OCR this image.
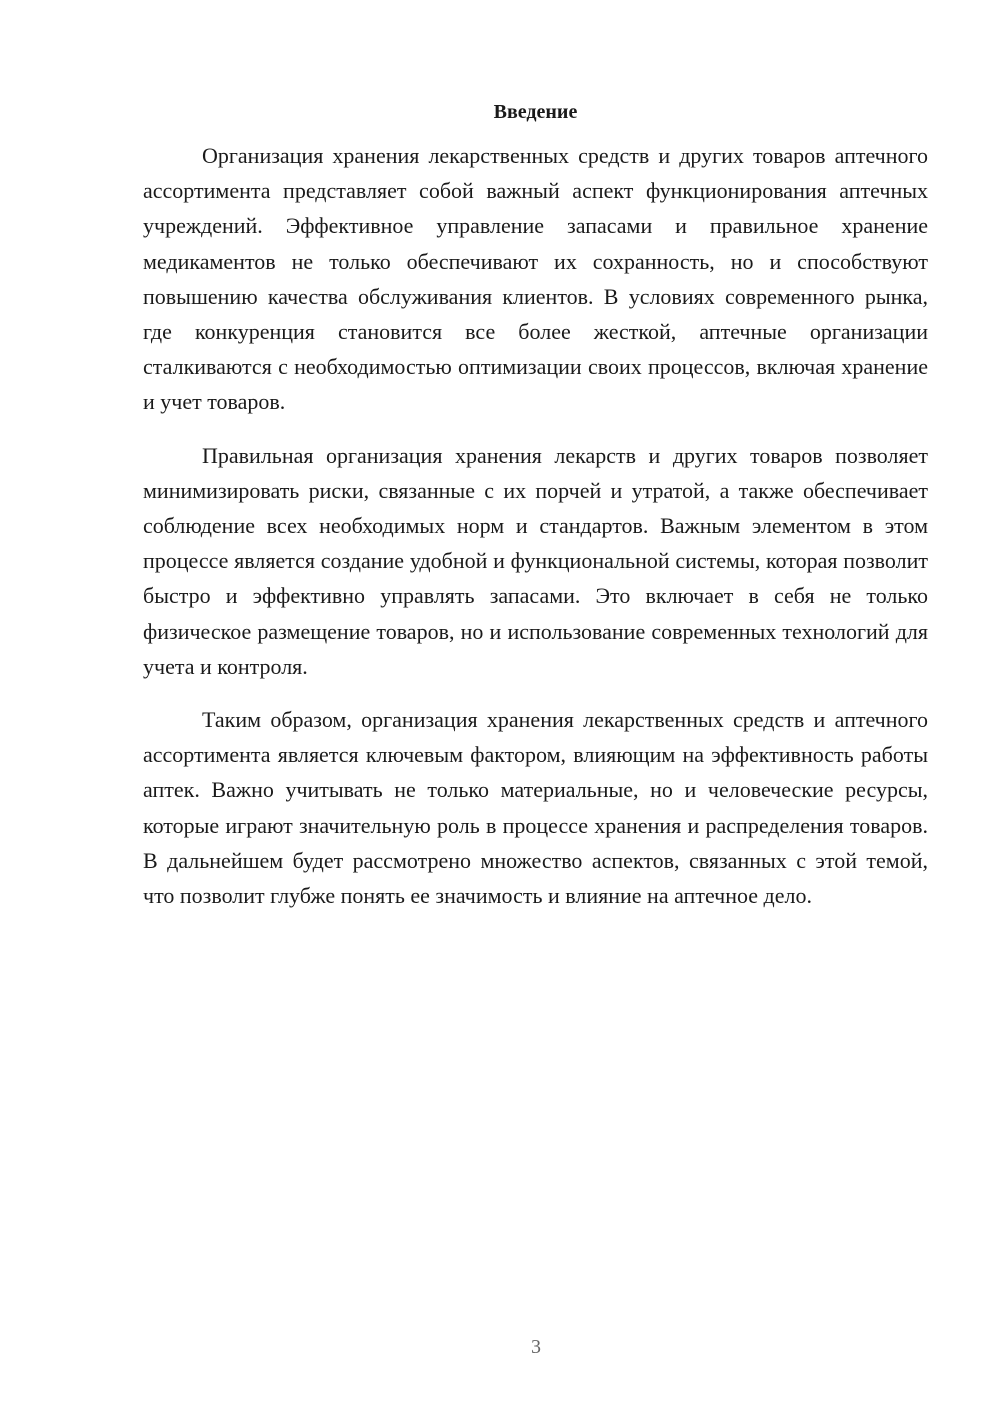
Введение

Организация хранения лекарственных средств и других товаров аптечного ассортимента представляет собой важный аспект функционирования аптечных учреждений. Эффективное управление запасами и правильное хранение медикаментов не только обеспечивают их сохранность, но и способствуют повышению качества обслуживания клиентов. В условиях современного рынка, где конкуренция становится все более жесткой, аптечные организации сталкиваются с необходимостью оптимизации своих процессов, включая хранение и учет товаров.

Правильная организация хранения лекарств и других товаров позволяет минимизировать риски, связанные с их порчей и утратой, а также обеспечивает соблюдение всех необходимых норм и стандартов. Важным элементом в этом процессе является создание удобной и функциональной системы, которая позволит быстро и эффективно управлять запасами. Это включает в себя не только физическое размещение товаров, но и использование современных технологий для учета и контроля.

Таким образом, организация хранения лекарственных средств и аптечного ассортимента является ключевым фактором, влияющим на эффективность работы аптек. Важно учитывать не только материальные, но и человеческие ресурсы, которые играют значительную роль в процессе хранения и распределения товаров. В дальнейшем будет рассмотрено множество аспектов, связанных с этой темой, что позволит глубже понять ее значимость и влияние на аптечное дело.

3
